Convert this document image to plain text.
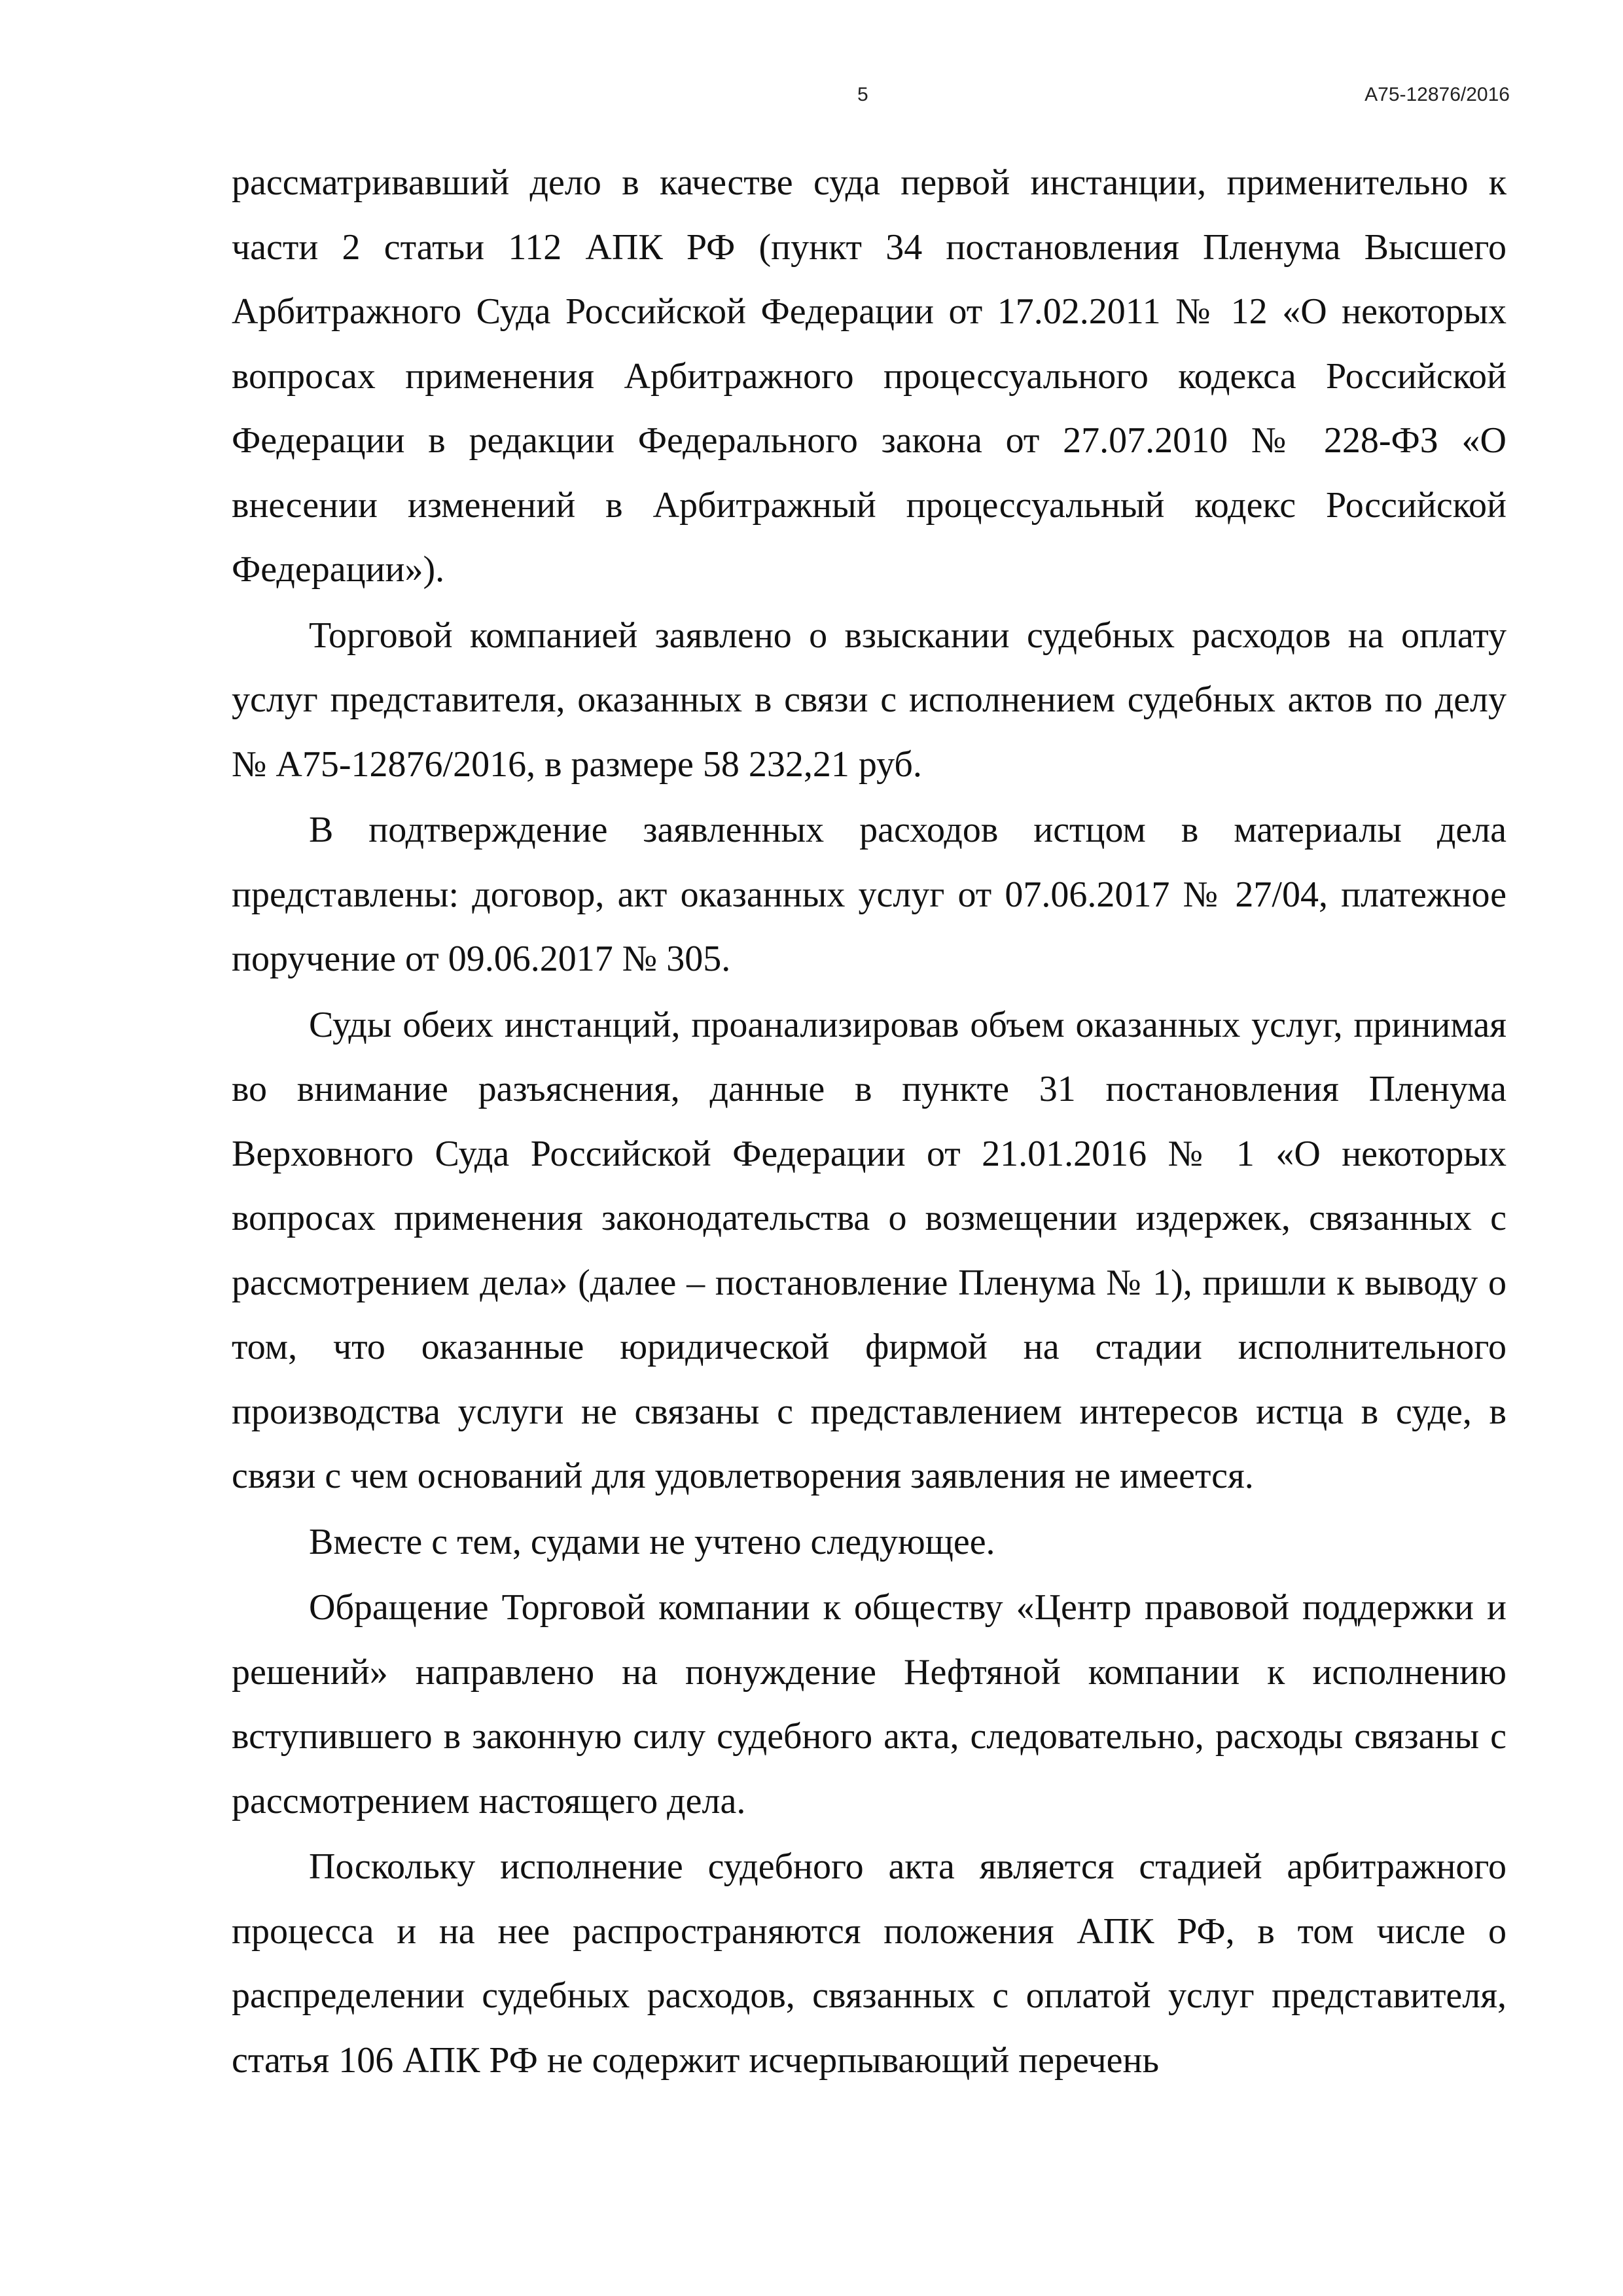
5	А75-12876/2016

рассматривавший дело в качестве суда первой инстанции, применительно к части 2 статьи 112 АПК РФ (пункт 34 постановления Пленума Высшего Арбитражного Суда Российской Федерации от 17.02.2011 № 12 «О некоторых вопросах применения Арбитражного процессуального кодекса Российской Федерации в редакции Федерального закона от 27.07.2010 № 228-ФЗ «О внесении изменений в Арбитражный процессуальный кодекс Российской Федерации»).

Торговой компанией заявлено о взыскании судебных расходов на оплату услуг представителя, оказанных в связи с исполнением судебных актов по делу № А75-12876/2016, в размере 58 232,21 руб.

В подтверждение заявленных расходов истцом в материалы дела представлены: договор, акт оказанных услуг от 07.06.2017 № 27/04, платежное поручение от 09.06.2017 № 305.

Суды обеих инстанций, проанализировав объем оказанных услуг, принимая во внимание разъяснения, данные в пункте 31 постановления Пленума Верховного Суда Российской Федерации от 21.01.2016 № 1 «О некоторых вопросах применения законодательства о возмещении издержек, связанных с рассмотрением дела» (далее – постановление Пленума № 1), пришли к выводу о том, что оказанные юридической фирмой на стадии исполнительного производства услуги не связаны с представлением интересов истца в суде, в связи с чем оснований для удовлетворения заявления не имеется.

Вместе с тем, судами не учтено следующее.

Обращение Торговой компании к обществу «Центр правовой поддержки и решений» направлено на понуждение Нефтяной компании к исполнению вступившего в законную силу судебного акта, следовательно, расходы связаны с рассмотрением настоящего дела.

Поскольку исполнение судебного акта является стадией арбитражного процесса и на нее распространяются положения АПК РФ, в том числе о распределении судебных расходов, связанных с оплатой услуг представителя, статья 106 АПК РФ не содержит исчерпывающий перечень
